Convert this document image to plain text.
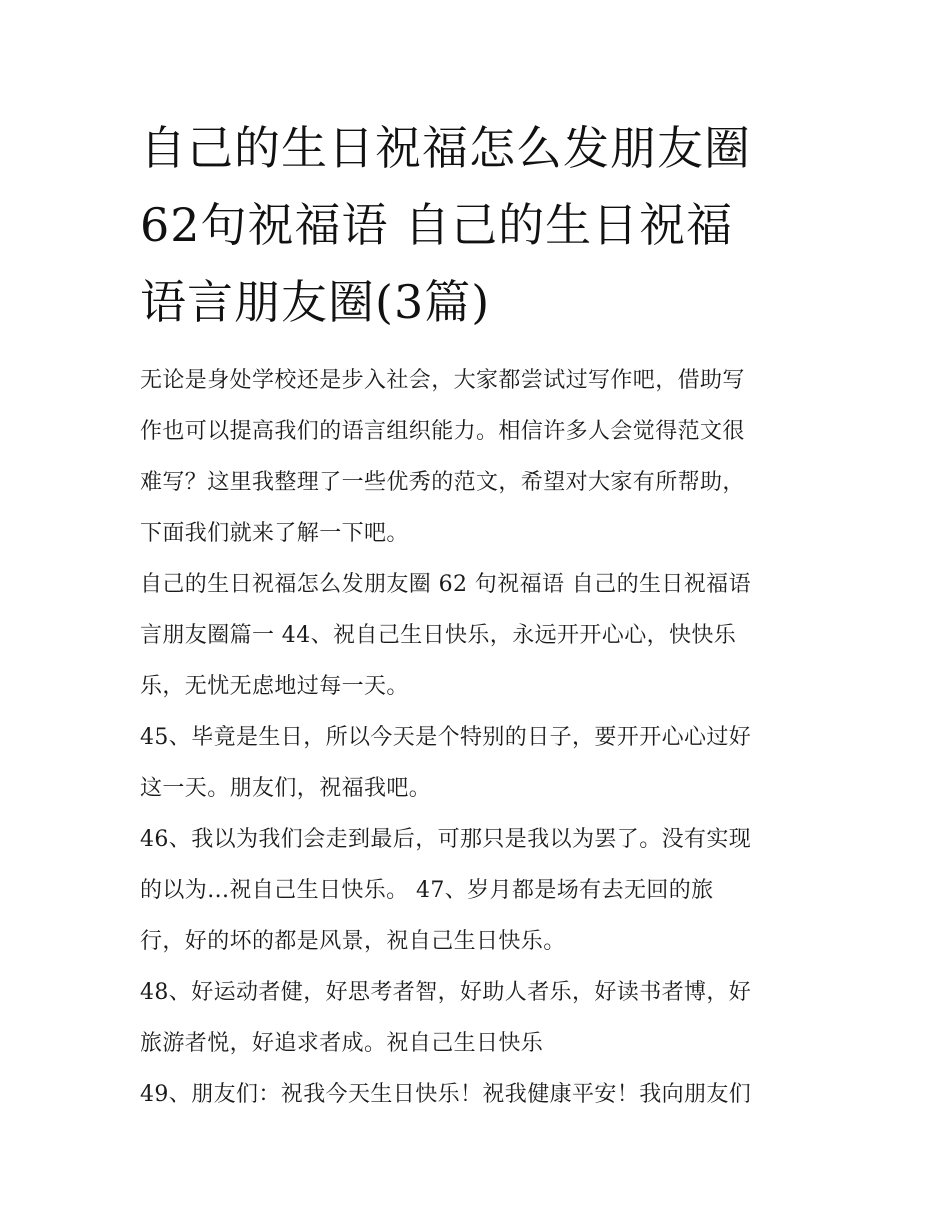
自己的生日祝福怎么发朋友圈
62句祝福语 自己的生日祝福
语言朋友圈(3篇)

无论是身处学校还是步入社会，大家都尝试过写作吧，借助写
作也可以提高我们的语言组织能力。相信许多人会觉得范文很
难写？这里我整理了一些优秀的范文，希望对大家有所帮助，
下面我们就来了解一下吧。

自己的生日祝福怎么发朋友圈 62 句祝福语 自己的生日祝福语
言朋友圈篇一 44、祝自己生日快乐，永远开开心心，快快乐
乐，无忧无虑地过每一天。

45、毕竟是生日，所以今天是个特别的日子，要开开心心过好
这一天。朋友们，祝福我吧。

46、我以为我们会走到最后，可那只是我以为罢了。没有实现
的以为...祝自己生日快乐。 47、岁月都是场有去无回的旅
行，好的坏的都是风景，祝自己生日快乐。

48、好运动者健，好思考者智，好助人者乐，好读书者博，好
旅游者悦，好追求者成。祝自己生日快乐

49、朋友们：祝我今天生日快乐！祝我健康平安！我向朋友们
